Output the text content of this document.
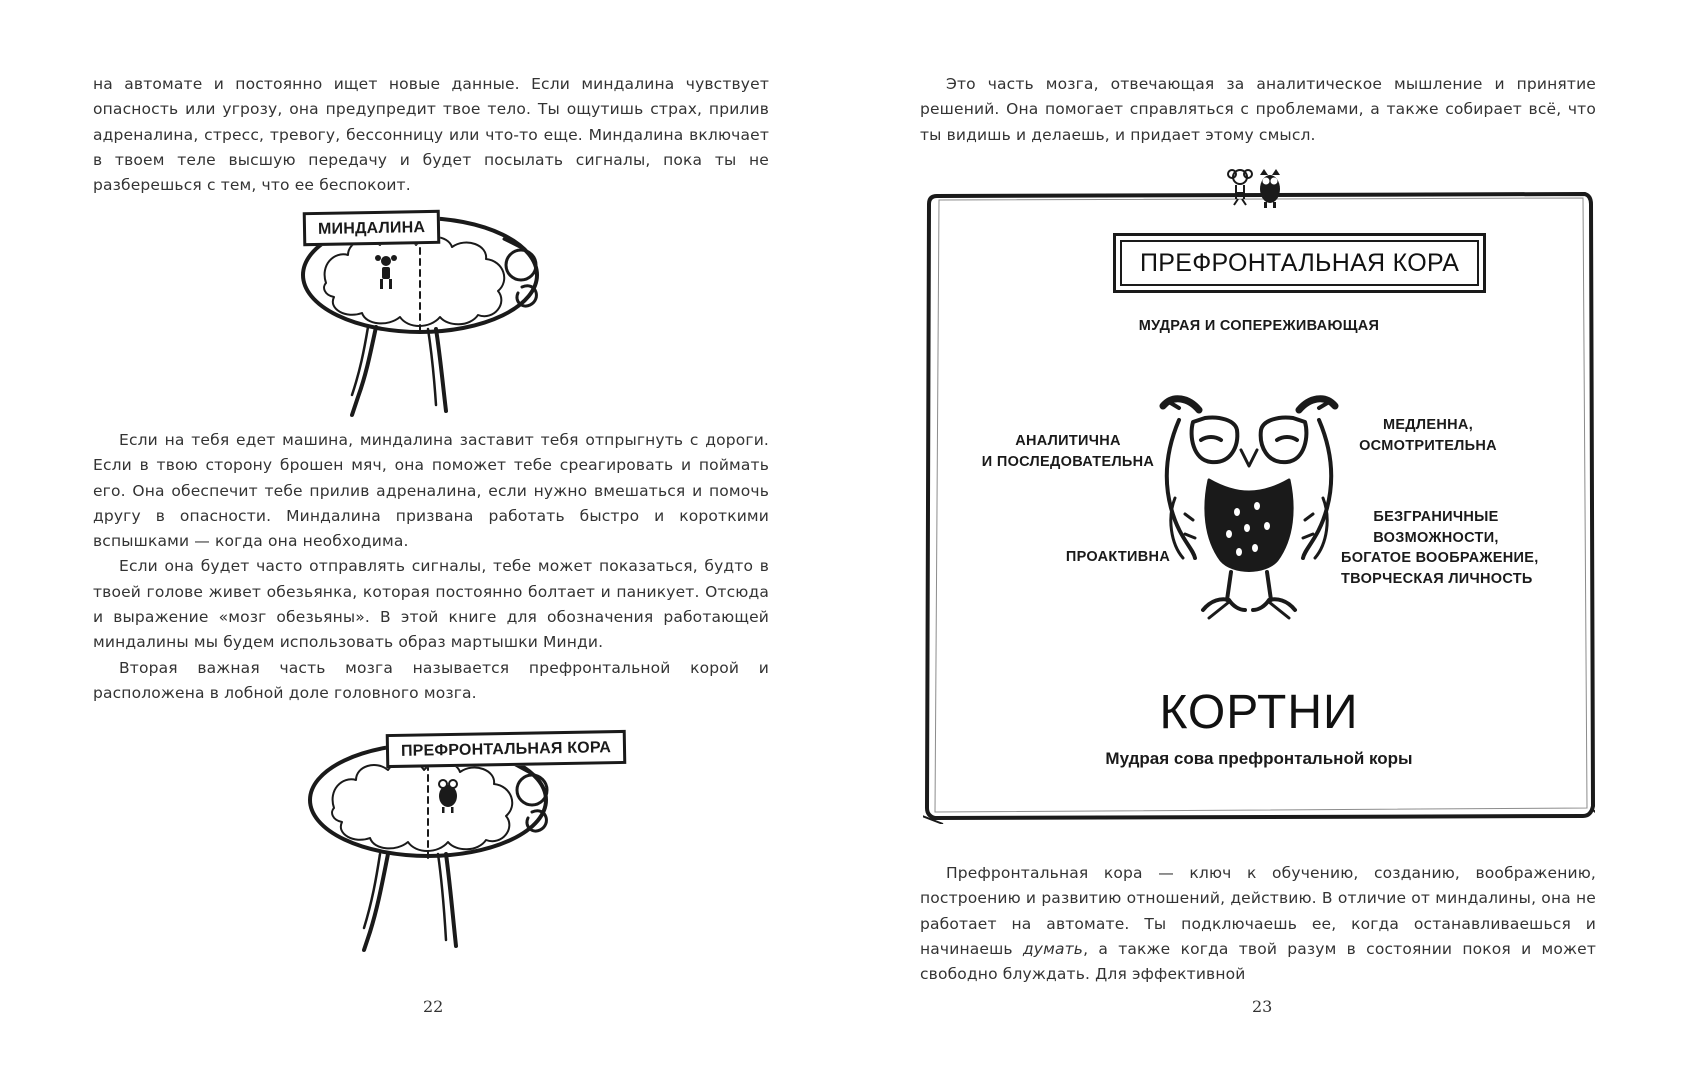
на автомате и постоянно ищет новые данные. Если миндалина чувствует опасность или угрозу, она предупредит твое тело. Ты ощутишь страх, прилив адреналина, стресс, тревогу, бессонницу или что-то еще. Миндалина включает в твоем теле высшую передачу и будет посылать сигналы, пока ты не разберешься с тем, что ее беспокоит.

МИНДАЛИНА

Если на тебя едет машина, миндалина заставит тебя отпрыгнуть с дороги. Если в твою сторону брошен мяч, она поможет тебе среагировать и поймать его. Она обеспечит тебе прилив адреналина, если нужно вмешаться и помочь другу в опасности. Миндалина призвана работать быстро и короткими вспышками — когда она необходима.

Если она будет часто отправлять сигналы, тебе может показаться, будто в твоей голове живет обезьянка, которая постоянно болтает и паникует. Отсюда и выражение «мозг обезьяны». В этой книге для обозначения работающей миндалины мы будем использовать образ мартышки Минди.

Вторая важная часть мозга называется префронтальной корой и расположена в лобной доле головного мозга.

ПРЕФРОНТАЛЬНАЯ КОРА
22

Это часть мозга, отвечающая за аналитическое мышление и принятие решений. Она помогает справляться с проблемами, а также собирает всё, что ты видишь и делаешь, и придает этому смысл.

ПРЕФРОНТАЛЬНАЯ КОРА
МУДРАЯ И СОПЕРЕЖИВАЮЩАЯ
АНАЛИТИЧНА
И ПОСЛЕДОВАТЕЛЬНА
МЕДЛЕННА,
ОСМОТРИТЕЛЬНА
ПРОАКТИВНА
БЕЗГРАНИЧНЫЕ
ВОЗМОЖНОСТИ,
БОГАТОЕ ВООБРАЖЕНИЕ,
ТВОРЧЕСКАЯ ЛИЧНОСТЬ
КОРТНИ
Мудрая сова префронтальной коры

Префронтальная кора — ключ к обучению, созданию, воображению, построению и развитию отношений, действию. В отличие от миндалины, она не работает на автомате. Ты подключаешь ее, когда останавливаешься и начинаешь думать, а также когда твой разум в состоянии покоя и может свободно блуждать. Для эффективной

23
